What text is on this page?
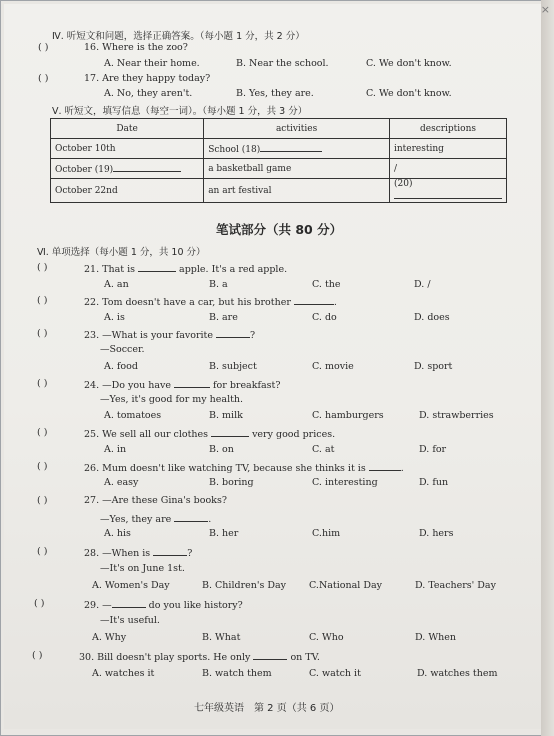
×
Ⅳ. 听短文和问题，选择正确答案。（每小题 1 分，共 2 分）
( )	16. Where is the zoo?
A. Near their home.	B. Near the school.	C. We don't know.
( )	17. Are they happy today?
A. No, they aren't.	B. Yes, they are.	C. We don't know.
Ⅴ. 听短文，填写信息（每空一词）。（每小题 1 分，共 3 分）
Date	activities	descriptions
October 10th	School (18)	interesting
October (19)	a basketball game	/
October 22nd	an art festival	(20)
笔试部分（共 80 分）
Ⅵ. 单项选择（每小题 1 分，共 10 分）
( )	21. That is	apple. It's a red apple.
A. an	B. a	C. the	D. /
( )	22. Tom doesn't have a car, but his brother	.
A. is	B. are	C. do	D. does
( )	23. —What is your favorite	?
—Soccer.
A. food	B. subject	C. movie	D. sport
( )	24. —Do you have	for breakfast?
—Yes, it's good for my health.
A. tomatoes	B. milk	C. hamburgers	D. strawberries
( )	25. We sell all our clothes	very good prices.
A. in	B. on	C. at	D. for
( )	26. Mum doesn't like watching TV, because she thinks it is	.
A. easy	B. boring	C. interesting	D. fun
( )	27. —Are these Gina's books?
—Yes, they are	.
A. his	B. her	C.him	D. hers
( )	28. —When is	?
—It's on June 1st.
A. Women's Day	B. Children's Day C.National Day	D. Teachers' Day
( )	29. —	do you like history?
—It's useful.
A. Why	B. What	C. Who	D. When
( )	30. Bill doesn't play sports. He only	on TV.
A. watches it	B. watch them	C. watch it	D. watches them
七年级英语　第 2 页（共 6 页）
